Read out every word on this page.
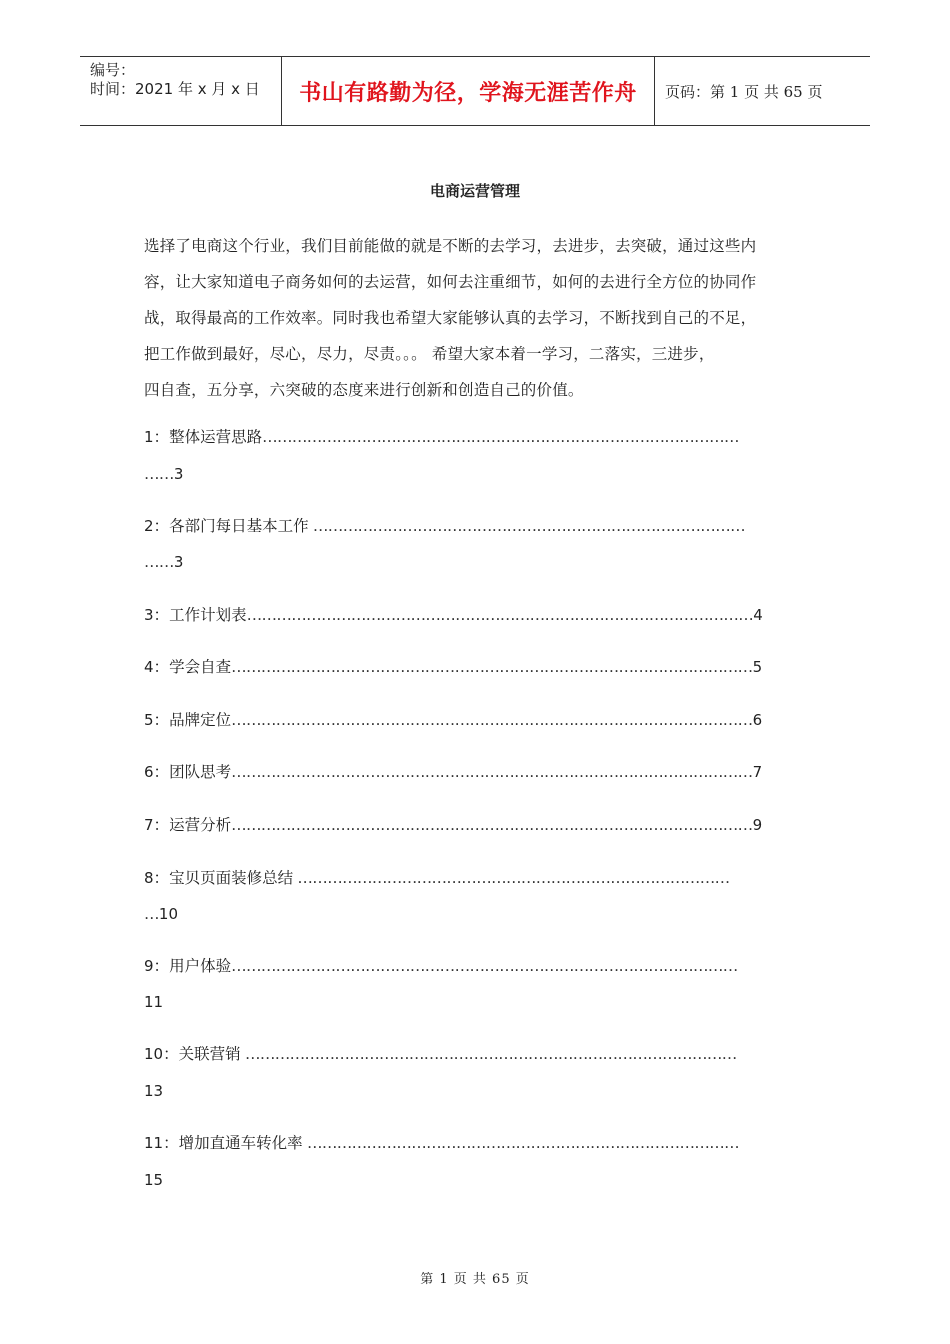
编号：
时间：2021 年 x 月 x 日	书山有路勤为径，学海无涯苦作舟	页码：第 1 页 共 65 页
电商运营管理
选择了电商这个行业，我们目前能做的就是不断的去学习，去进步，去突破，通过这些内
容，让大家知道电子商务如何的去运营，如何去注重细节，如何的去进行全方位的协同作
战，取得最高的工作效率。同时我也希望大家能够认真的去学习，不断找到自己的不足，
把工作做到最好，尽心，尽力，尽责。。。 希望大家本着一学习，二落实，三进步，
四自查，五分享，六突破的态度来进行创新和创造自己的价值。
1：整体运营思路……………………………………………………………………………………
……3
2：各部门每日基本工作 ……………………………………………………………………………
……3
3：工作计划表…………………………………………………………………………………………4
4：学会自查……………………………………………………………………………………………5
5：品牌定位……………………………………………………………………………………………6
6：团队思考……………………………………………………………………………………………7
7：运营分析……………………………………………………………………………………………9
8：宝贝页面装修总结 ……………………………………………………………………………
…10
9：用户体验…………………………………………………………………………………………
11
10：关联营销 ………………………………………………………………………………………
13
11：增加直通车转化率 ……………………………………………………………………………
15
第 1 页 共 65 页
